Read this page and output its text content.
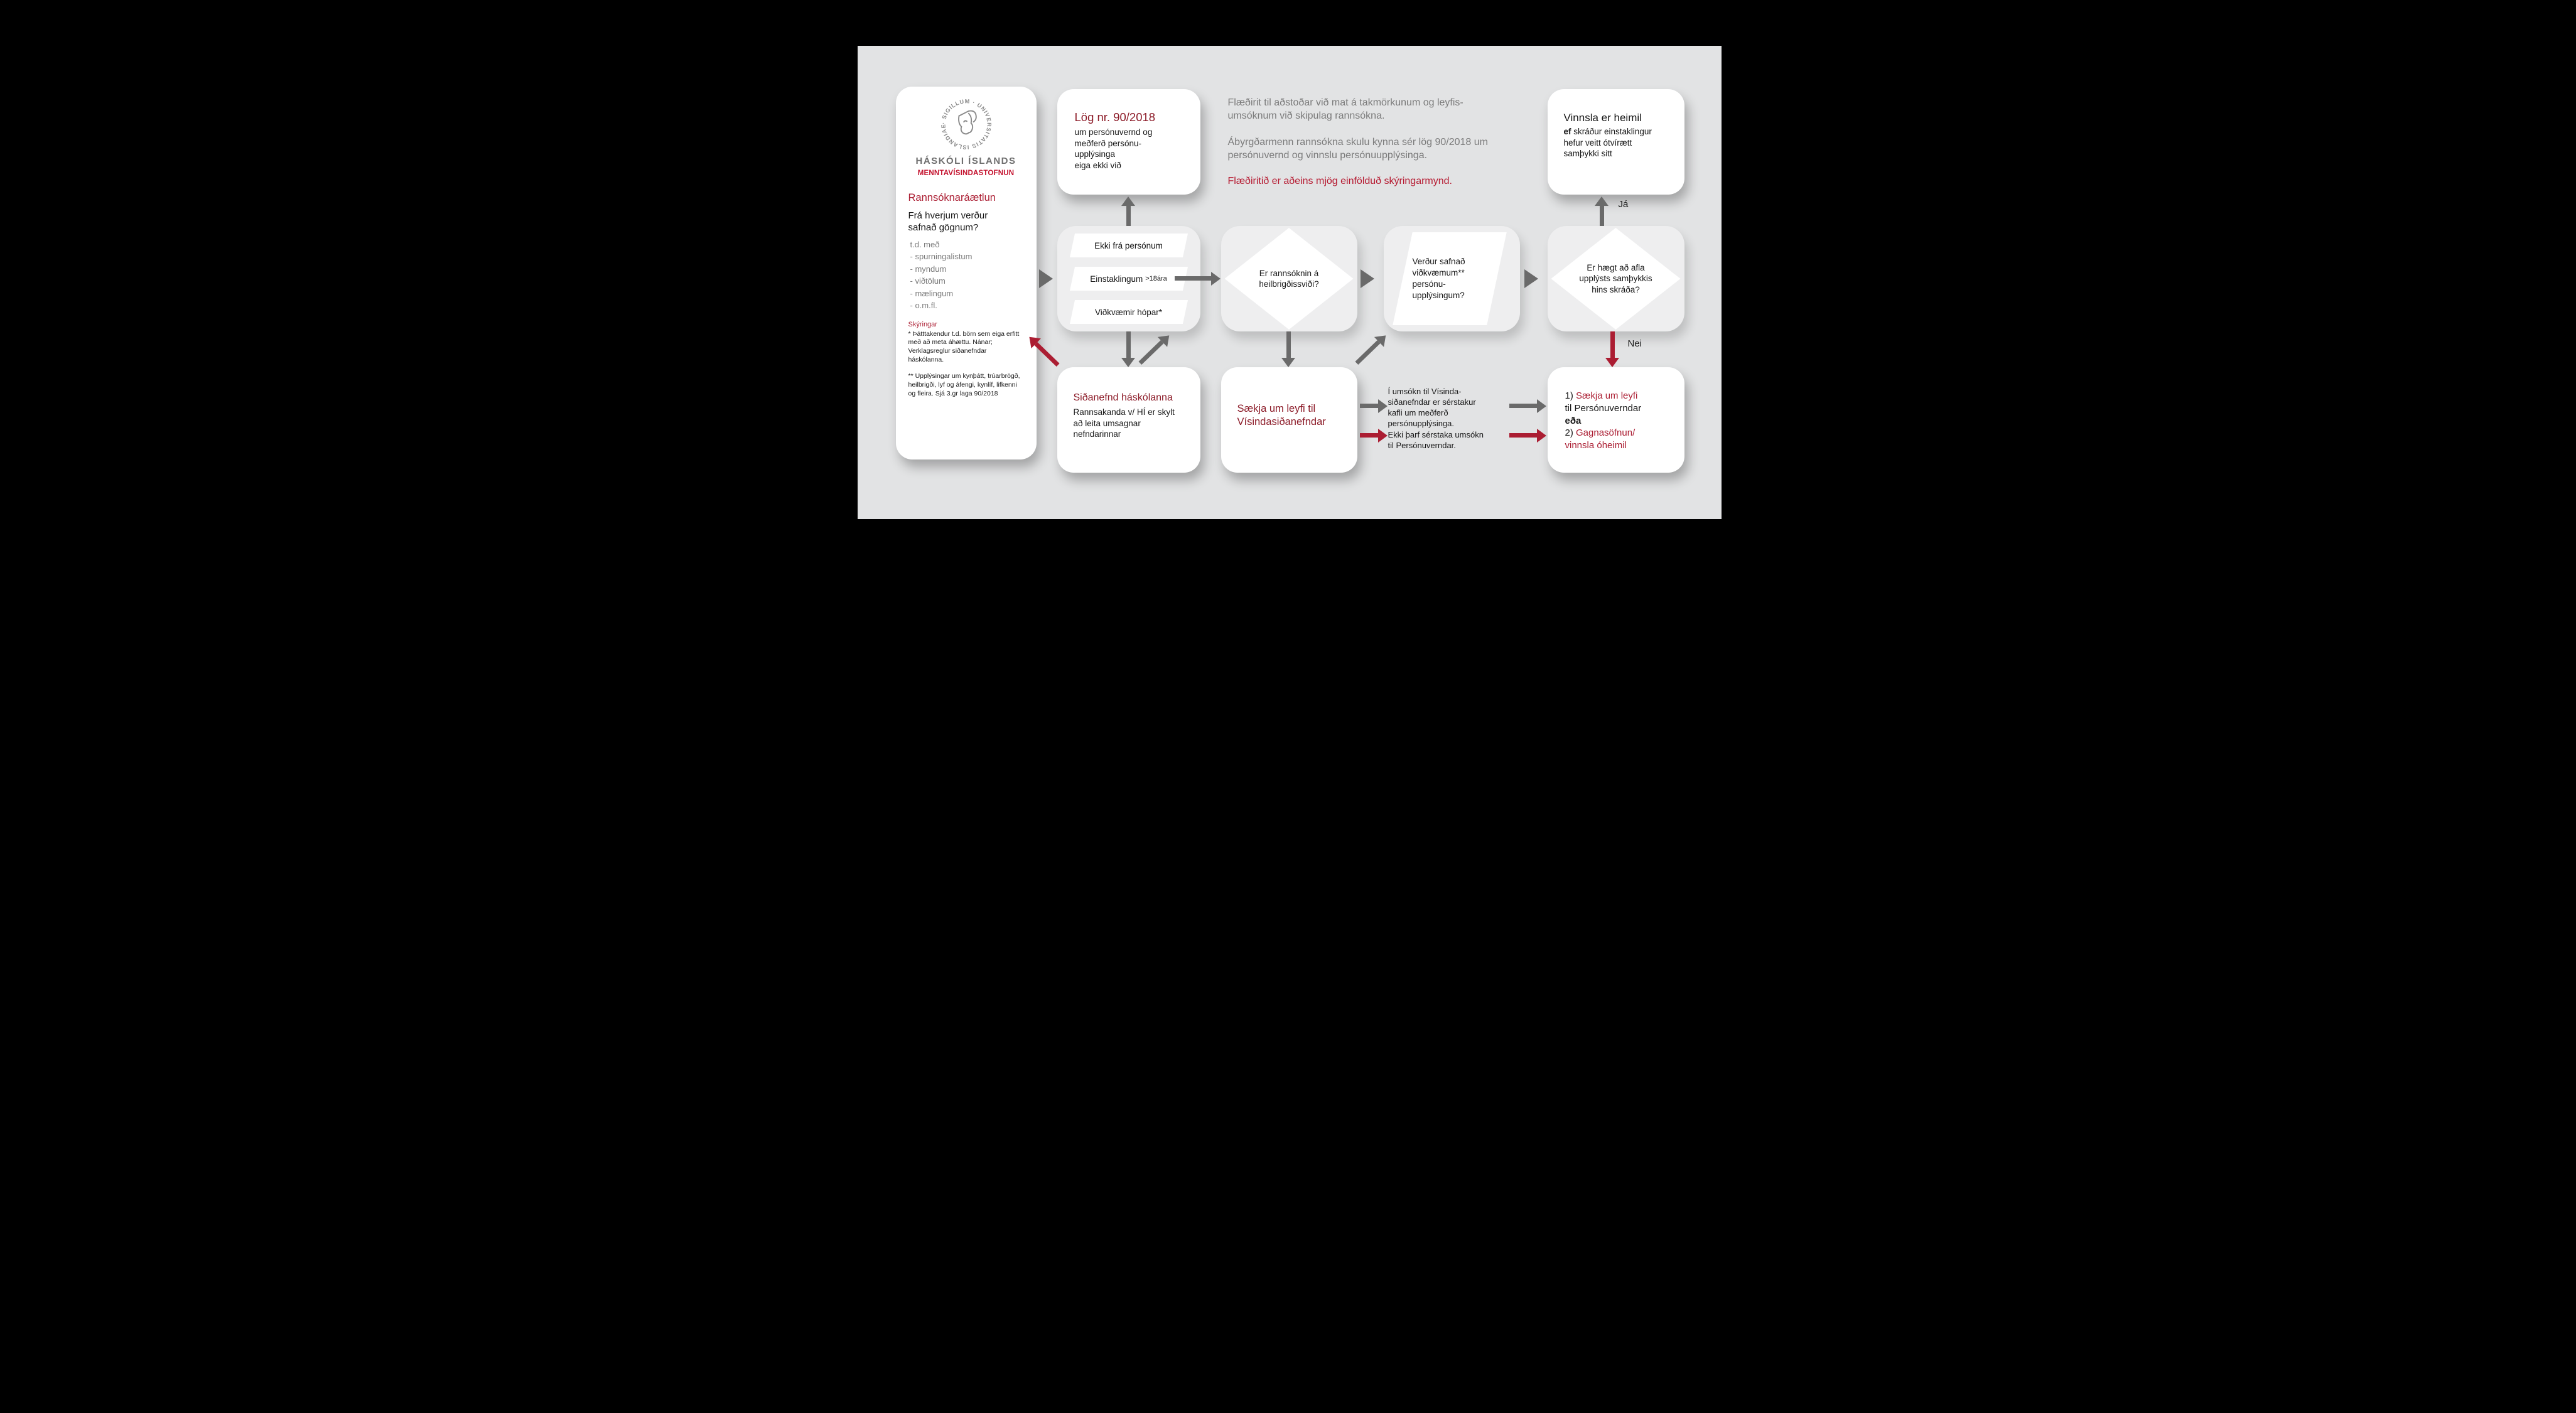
· SIGILLUM · UNIVERSITATIS ISLANDIAE
HÁSKÓLI ÍSLANDS
MENNTAVÍSINDASTOFNUN
Rannsóknaráætlun
Frá hverjum verður safnað gögnum?
t.d. með
- spurningalistum
- myndum
- viðtölum
- mælingum
- o.m.fl.
Skýringar

* Þátttakendur t.d. börn sem eiga erfitt með að meta áhættu. Nánar; Verklagsreglur siðanefndar háskólanna.

** Upplýsingar um kynþátt, trúarbrögð, heilbrigði, lyf og áfengi, kynlíf, lifkenni og fleira. Sjá 3.gr laga 90/2018

Lög nr. 90/2018
um persónuvernd og
meðferð persónu-
upplýsinga
eiga ekki við

Flæðirit til aðstoðar við mat á takmörkunum og leyfis-umsóknum við skipulag rannsókna.

Ábyrgðarmenn rannsókna skulu kynna sér lög 90/2018 um persónuvernd og vinnslu persónuupplýsinga.

Flæðiritið er aðeins mjög einfölduð skýringarmynd.

Vinnsla er heimil

ef skráður einstaklingur hefur veitt ótvírætt samþykki sitt

Ekki frá persónum
Einstaklingum >18ára
Viðkvæmir hópar*
Er rannsóknin á heilbrigðissviði?
Verður safnað
viðkvæmum**
persónu-
upplýsingum?
Er hægt að afla
upplýsts samþykkis
hins skráða?
Siðanefnd háskólanna

Rannsakanda v/ HÍ er skylt að leita umsagnar nefndarinnar

Sækja um leyfi til Vísindasiðanefndar
Í umsókn til Vísinda-
siðanefndar er sérstakur
kafli um meðferð
persónupplýsinga.
Ekki þarf sérstaka umsókn
til Persónuverndar.
1) Sækja um leyfi
til Persónuverndar
eða
2) Gagnasöfnun/
vinnsla óheimil
Já
Nei
